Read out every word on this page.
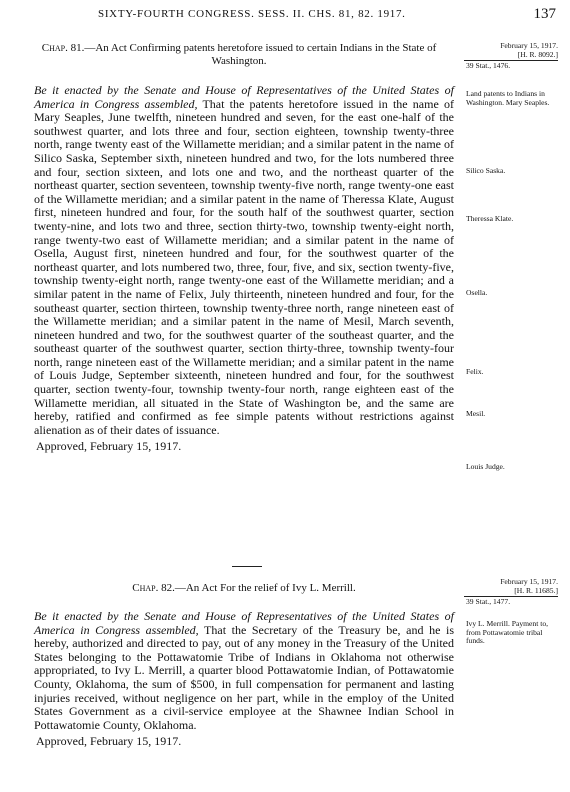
SIXTY-FOURTH CONGRESS. SESS. II. CHS. 81, 82. 1917.	137
Chap. 81.—An Act Confirming patents heretofore issued to certain Indians in the State of Washington.
February 15, 1917.
[H. R. 8092.]
39 Stat., 1476.
Be it enacted by the Senate and House of Representatives of the United States of America in Congress assembled, That the patents heretofore issued in the name of Mary Seaples, June twelfth, nineteen hundred and seven, for the east one-half of the southwest quarter, and lots three and four, section eighteen, township twenty-three north, range twenty east of the Willamette meridian; and a similar patent in the name of Silico Saska, September sixth, nineteen hundred and two, for the lots numbered three and four, section sixteen, and lots one and two, and the northeast quarter of the northeast quarter, section seventeen, township twenty-five north, range twenty-one east of the Willamette meridian; and a similar patent in the name of Theressa Klate, August first, nineteen hundred and four, for the south half of the southwest quarter, section twenty-nine, and lots two and three, section thirty-two, township twenty-eight north, range twenty-two east of Willamette meridian; and a similar patent in the name of Osella, August first, nineteen hundred and four, for the southwest quarter of the northeast quarter, and lots numbered two, three, four, five, and six, section twenty-five, township twenty-eight north, range twenty-one east of the Willamette meridian; and a similar patent in the name of Felix, July thirteenth, nineteen hundred and four, for the southeast quarter, section thirteen, township twenty-three north, range nineteen east of the Willamette meridian; and a similar patent in the name of Mesil, March seventh, nineteen hundred and two, for the southwest quarter of the southeast quarter, and the southeast quarter of the southwest quarter, section thirty-three, township twenty-four north, range nineteen east of the Willamette meridian; and a similar patent in the name of Louis Judge, September sixteenth, nineteen hundred and four, for the southwest quarter, section twenty-four, township twenty-four north, range eighteen east of the Willamette meridian, all situated in the State of Washington be, and the same are hereby, ratified and confirmed as fee simple patents without restrictions against alienation as of their dates of issuance.
Approved, February 15, 1917.
Land patents to Indians in Washington. Mary Seaples.
Silico Saska.
Theressa Klate.
Osella.
Felix.
Mesil.
Louis Judge.
Chap. 82.—An Act For the relief of Ivy L. Merrill.
February 15, 1917.
[H. R. 11685.]
39 Stat., 1477.
Be it enacted by the Senate and House of Representatives of the United States of America in Congress assembled, That the Secretary of the Treasury be, and he is hereby, authorized and directed to pay, out of any money in the Treasury of the United States belonging to the Pottawatomie Tribe of Indians in Oklahoma not otherwise appropriated, to Ivy L. Merrill, a quarter blood Pottawatomie Indian, of Pottawatomie County, Oklahoma, the sum of $500, in full compensation for permanent and lasting injuries received, without negligence on her part, while in the employ of the United States Government as a civil-service employee at the Shawnee Indian School in Pottawatomie County, Oklahoma.
Approved, February 15, 1917.
Ivy L. Merrill. Payment to, from Pottawatomie tribal funds.
